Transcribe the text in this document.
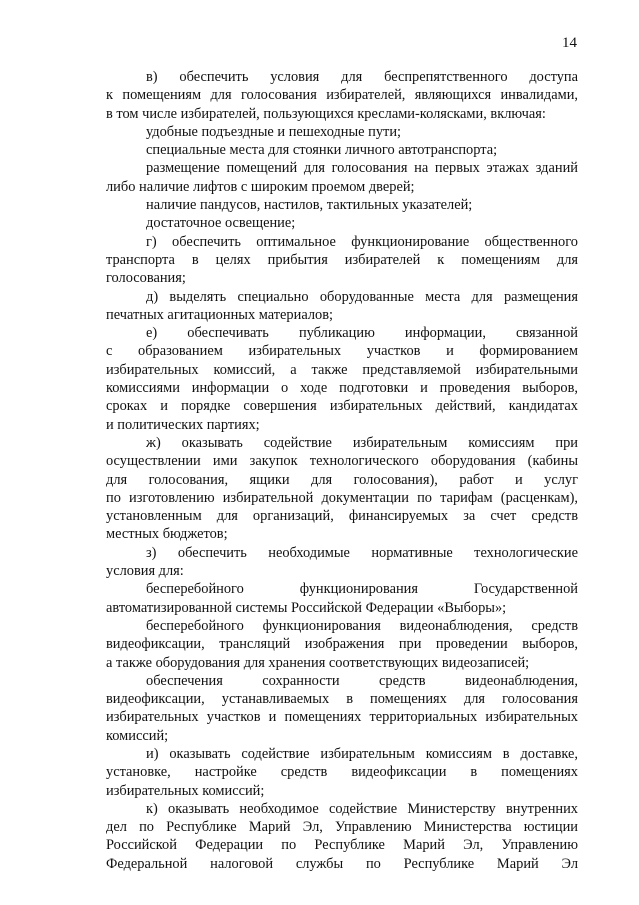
14
в) обеспечить условия для беспрепятственного доступа
к помещениям для голосования избирателей, являющихся инвалидами,
в том числе избирателей, пользующихся креслами-колясками, включая:
удобные подъездные и пешеходные пути;
специальные места для стоянки личного автотранспорта;
размещение помещений для голосования на первых этажах зданий
либо наличие лифтов с широким проемом дверей;
наличие пандусов, настилов, тактильных указателей;
достаточное освещение;
г) обеспечить оптимальное функционирование общественного
транспорта в целях прибытия избирателей к помещениям для
голосования;
д) выделять специально оборудованные места для размещения
печатных агитационных материалов;
е) обеспечивать публикацию информации, связанной
с образованием избирательных участков и формированием
избирательных комиссий, а также представляемой избирательными
комиссиями информации о ходе подготовки и проведения выборов,
сроках и порядке совершения избирательных действий, кандидатах
и политических партиях;
ж) оказывать содействие избирательным комиссиям при
осуществлении ими закупок технологического оборудования (кабины
для голосования, ящики для голосования), работ и услуг
по изготовлению избирательной документации по тарифам (расценкам),
установленным для организаций, финансируемых за счет средств
местных бюджетов;
з) обеспечить необходимые нормативные технологические
условия для:
бесперебойного функционирования Государственной
автоматизированной системы Российской Федерации «Выборы»;
бесперебойного функционирования видеонаблюдения, средств
видеофиксации, трансляций изображения при проведении выборов,
а также оборудования для хранения соответствующих видеозаписей;
обеспечения сохранности средств видеонаблюдения,
видеофиксации, устанавливаемых в помещениях для голосования
избирательных участков и помещениях территориальных избирательных
комиссий;
и) оказывать содействие избирательным комиссиям в доставке,
установке, настройке средств видеофиксации в помещениях
избирательных комиссий;
к) оказывать необходимое содействие Министерству внутренних
дел по Республике Марий Эл, Управлению Министерства юстиции
Российской Федерации по Республике Марий Эл, Управлению
Федеральной налоговой службы по Республике Марий Эл
